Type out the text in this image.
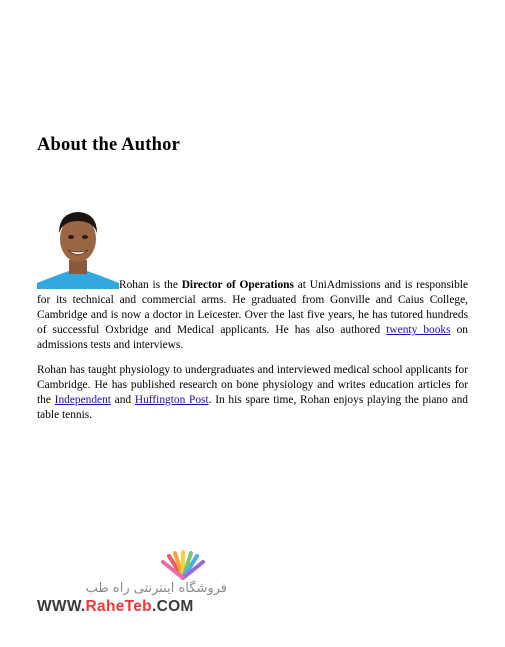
About the Author

Rohan is the Director of Operations at UniAdmissions and is responsible for its technical and commercial arms. He graduated from Gonville and Caius College, Cambridge and is now a doctor in Leicester. Over the last five years, he has tutored hundreds of successful Oxbridge and Medical applicants. He has also authored twenty books on admissions tests and interviews.

Rohan has taught physiology to undergraduates and interviewed medical school applicants for Cambridge. He has published research on bone physiology and writes education articles for the Independent and Huffington Post. In his spare time, Rohan enjoys playing the piano and table tennis.

فروشگاه اینترنتی راه طب
WWW.RaheTeb.COM
